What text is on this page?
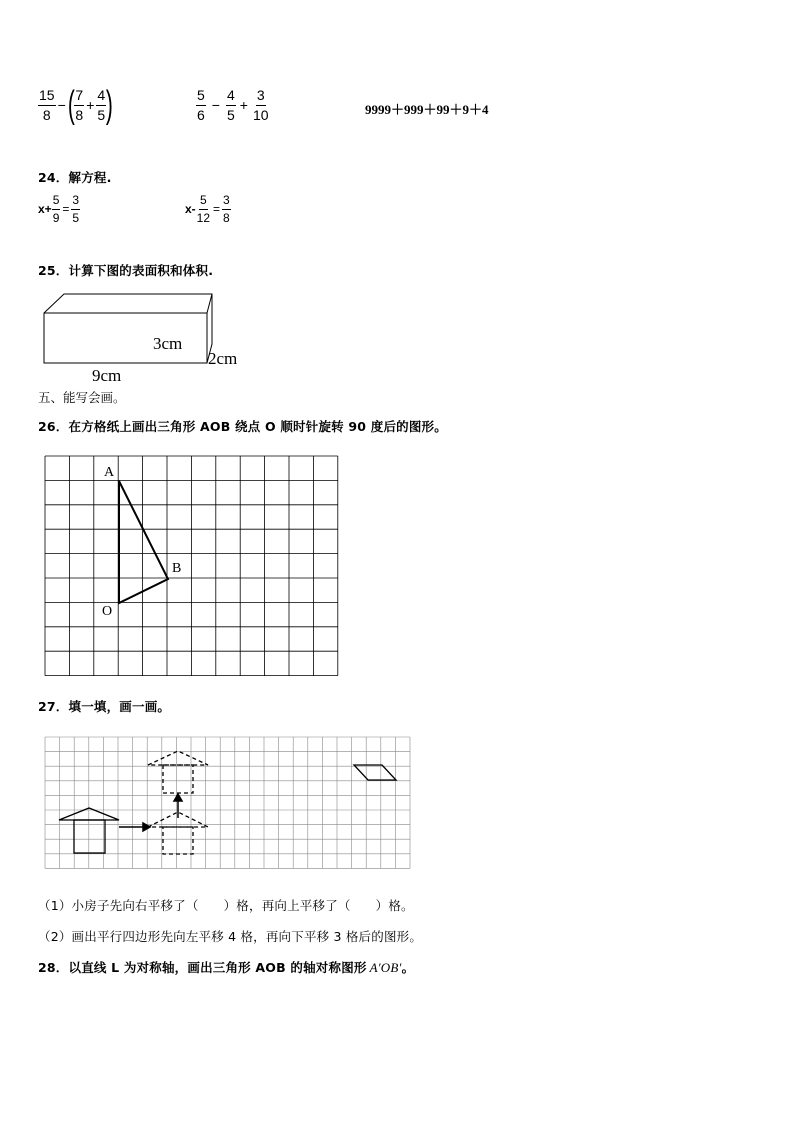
$\frac{15}{8}$ − ( $\frac{7}{8} + \frac{4}{5}$ )	$\frac{5}{6} - \frac{4}{5} + \frac{3}{10}$	9999＋999＋99＋9＋4
24．解方程.
$x+ \frac{5}{9} = \frac{3}{5}$	$x- \frac{5}{12} = \frac{3}{8}$
25．计算下图的表面积和体积.
3cm
2cm
9cm
五、能写会画。
26．在方格纸上画出三角形 AOB 绕点 O 顺时针旋转 90 度后的图形。
A
B
O
27．填一填，画一画。
（1）小房子先向右平移了（      ）格，再向上平移了（      ）格。
（2）画出平行四边形先向左平移 4 格，再向下平移 3 格后的图形。
28．以直线 L 为对称轴，画出三角形 AOB 的轴对称图形 A′OB′。
